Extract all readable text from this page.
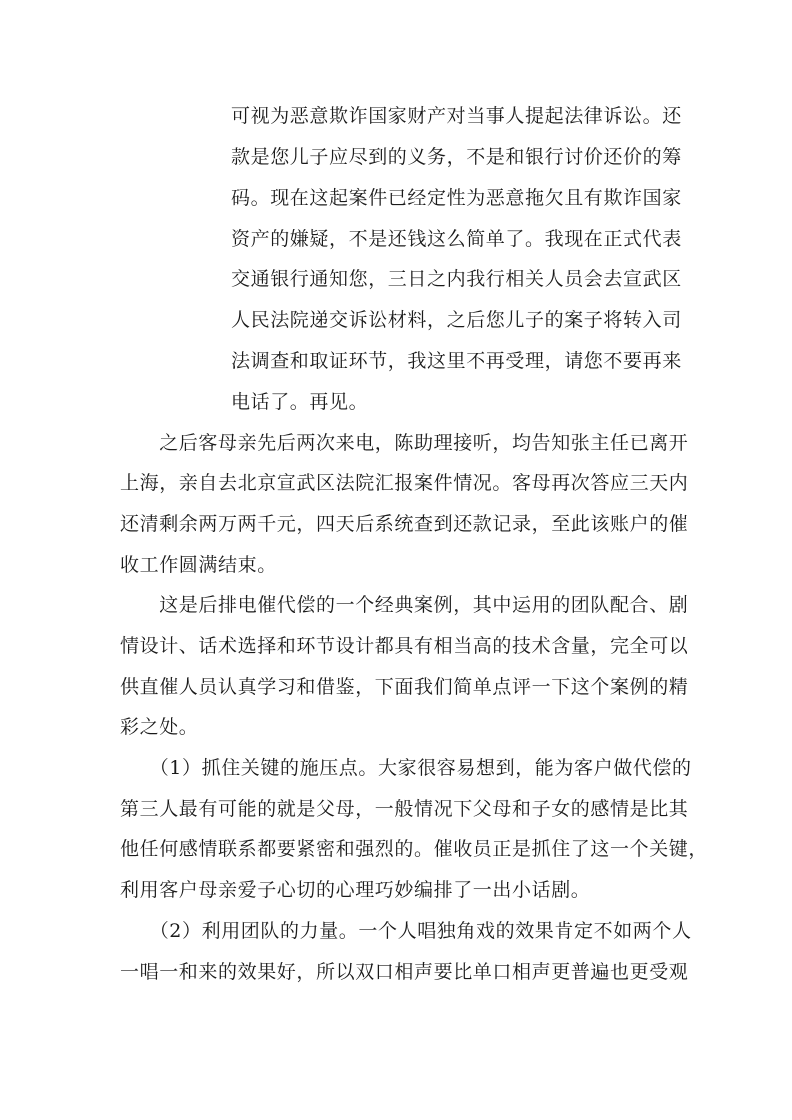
可视为恶意欺诈国家财产对当事人提起法律诉讼。还
款是您儿子应尽到的义务，不是和银行讨价还价的筹
码。现在这起案件已经定性为恶意拖欠且有欺诈国家
资产的嫌疑，不是还钱这么简单了。我现在正式代表
交通银行通知您，三日之内我行相关人员会去宣武区
人民法院递交诉讼材料，之后您儿子的案子将转入司
法调查和取证环节，我这里不再受理，请您不要再来
电话了。再见。
　　之后客母亲先后两次来电，陈助理接听，均告知张主任已离开
上海，亲自去北京宣武区法院汇报案件情况。客母再次答应三天内
还清剩余两万两千元，四天后系统查到还款记录，至此该账户的催
收工作圆满结束。
　　这是后排电催代偿的一个经典案例，其中运用的团队配合、剧
情设计、话术选择和环节设计都具有相当高的技术含量，完全可以
供直催人员认真学习和借鉴，下面我们简单点评一下这个案例的精
彩之处。
　　（1）抓住关键的施压点。大家很容易想到，能为客户做代偿的
第三人最有可能的就是父母，一般情况下父母和子女的感情是比其
他任何感情联系都要紧密和强烈的。催收员正是抓住了这一个关键，
利用客户母亲爱子心切的心理巧妙编排了一出小话剧。
　　（2）利用团队的力量。一个人唱独角戏的效果肯定不如两个人
一唱一和来的效果好，所以双口相声要比单口相声更普遍也更受观
